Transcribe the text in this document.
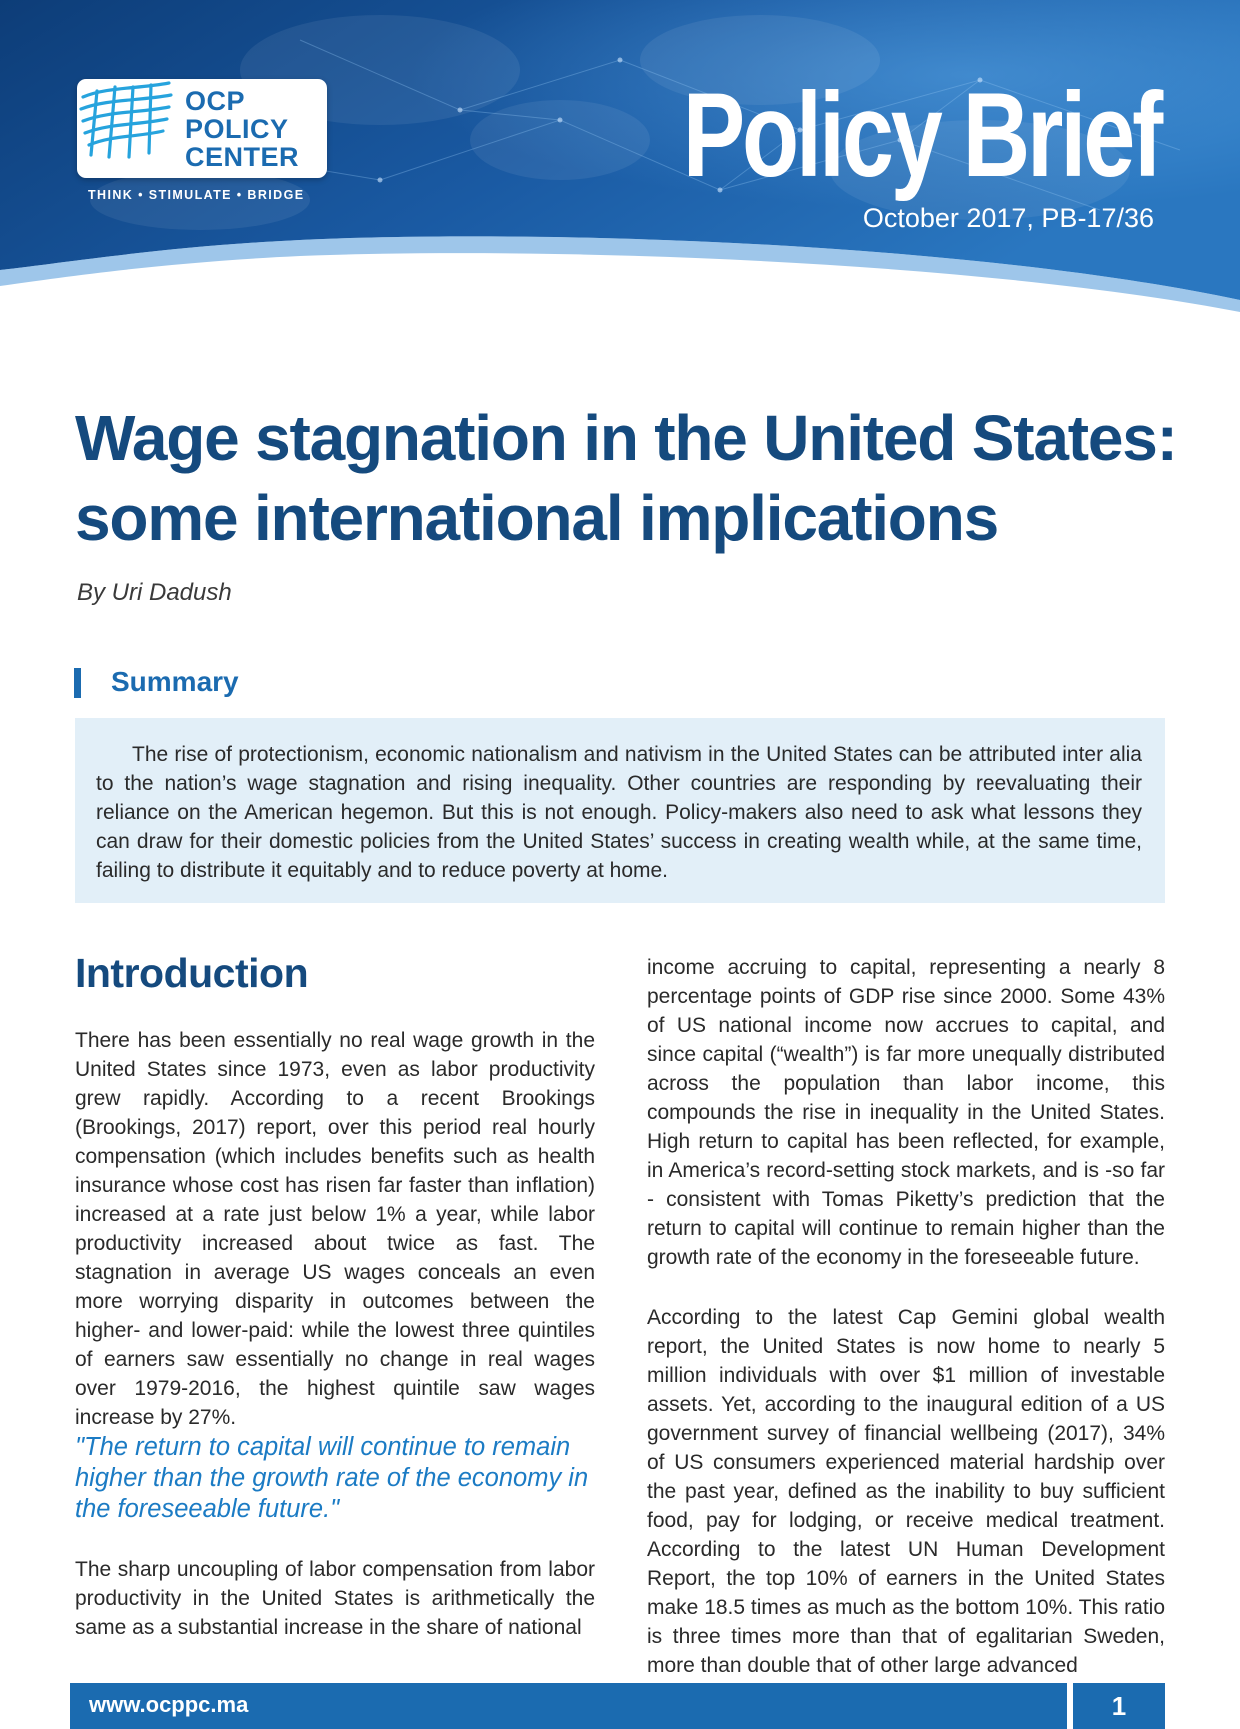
OCP
POLICY
CENTER
THINK • STIMULATE • BRIDGE	Policy Brief
October 2017, PB-17/36
Wage stagnation in the United States:
some international implications
By Uri Dadush
Summary

The rise of protectionism, economic nationalism and nativism in the United States can be attributed inter alia to the nation’s wage stagnation and rising inequality. Other countries are responding by reevaluating their reliance on the American hegemon. But this is not enough. Policy-makers also need to ask what lessons they can draw for their domestic policies from the United States’ success in creating wealth while, at the same time, failing to distribute it equitably and to reduce poverty at home.

Introduction

There has been essentially no real wage growth in the United States since 1973, even as labor productivity grew rapidly. According to a recent Brookings (Brookings, 2017) report, over this period real hourly compensation (which includes benefits such as health insurance whose cost has risen far faster than inflation) increased at a rate just below 1% a year, while labor productivity increased about twice as fast. The stagnation in average US wages conceals an even more worrying disparity in outcomes between the higher- and lower-paid: while the lowest three quintiles of earners saw essentially no change in real wages over 1979-2016, the highest quintile saw wages increase by 27%.

"The return to capital will continue to remain higher than the growth rate of the economy in the foreseeable future."

The sharp uncoupling of labor compensation from labor productivity in the United States is arithmetically the same as a substantial increase in the share of national

income accruing to capital, representing a nearly 8 percentage points of GDP rise since 2000. Some 43% of US national income now accrues to capital, and since capital (“wealth”) is far more unequally distributed across the population than labor income, this compounds the rise in inequality in the United States. High return to capital has been reflected, for example, in America’s record-setting stock markets, and is -so far - consistent with Tomas Piketty’s prediction that the return to capital will continue to remain higher than the growth rate of the economy in the foreseeable future.

According to the latest Cap Gemini global wealth report, the United States is now home to nearly 5 million individuals with over $1 million of investable assets. Yet, according to the inaugural edition of a US government survey of financial wellbeing (2017), 34% of US consumers experienced material hardship over the past year, defined as the inability to buy sufficient food, pay for lodging, or receive medical treatment. According to the latest UN Human Development Report, the top 10% of earners in the United States make 18.5 times as much as the bottom 10%. This ratio is three times more than that of egalitarian Sweden, more than double that of other large advanced

www.ocppc.ma	1
